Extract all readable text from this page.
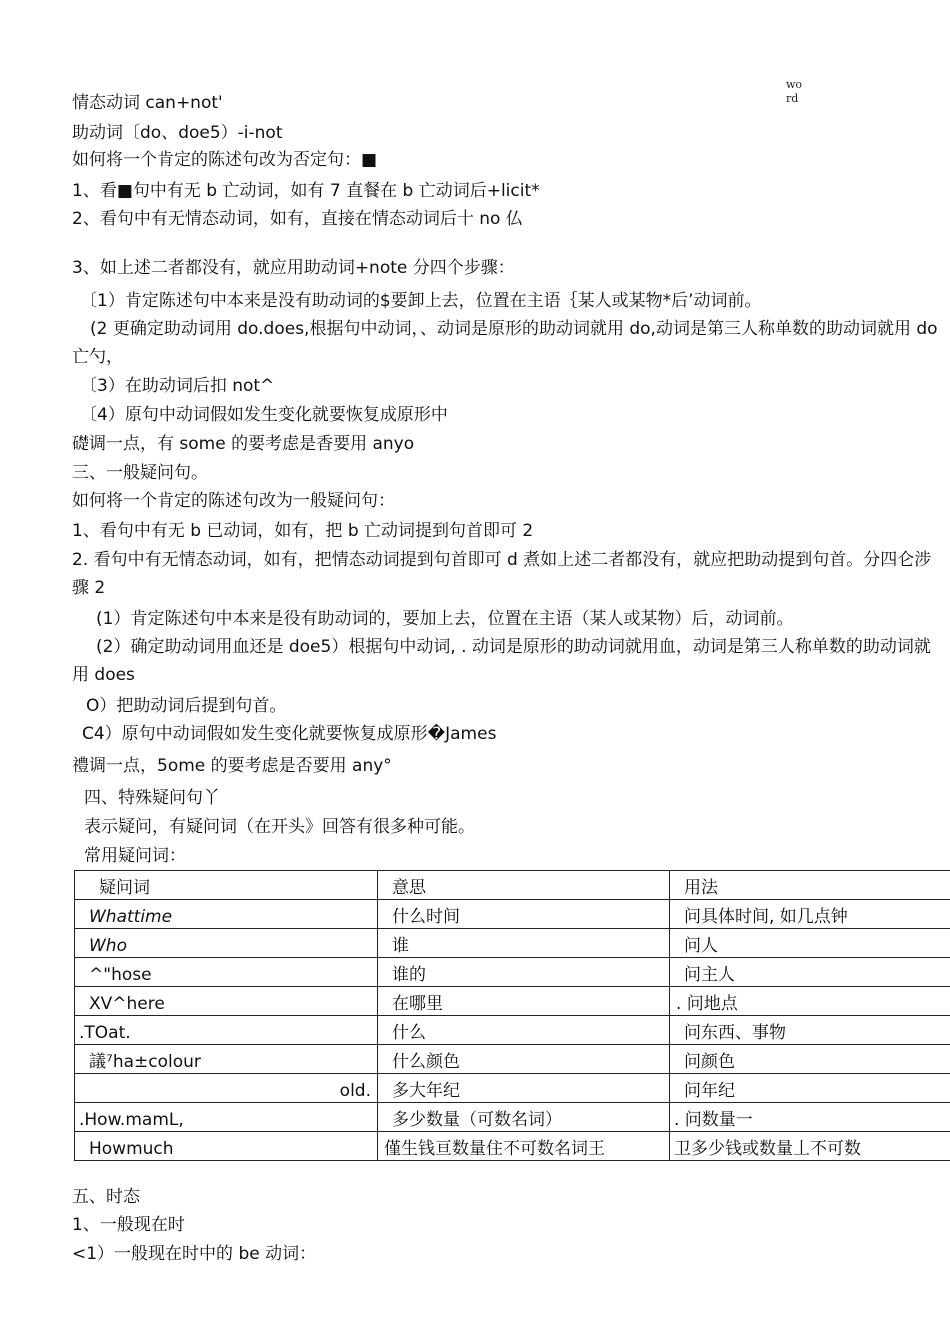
wo rd
情态动词 can+not'
助动词〔do、doe5）-i-not
如何将一个肯定的陈述句改为否定句：■
1、看■句中有无 b 亡动词，如有 7 直餐在 b 亡动词后+licit*
2、看句中有无情态动词，如有，直接在情态动词后十 no 仏
3、如上述二者都没有，就应用助动词+note 分四个步骤：
〔1）肯定陈述句中本来是没有助动词的$要卸上去，位置在主语｛某人或某物*后’动词前。
(2 更确定助动词用 do.does,根据句中动词，、动词是原形的助动词就用 do,动词是第三人称单数的助动词就用 do 亡勺，
〔3）在助动词后扣 not^
〔4）原句中动词假如发生变化就要恢复成原形中
礎调一点，有 some 的要考虑是香要用 anyo
三、一般疑问句。
如何将一个肯定的陈述句改为一般疑问句：
1、看句中有无 b 已动词，如有，把 b 亡动词提到句首即可 2
2. 看句中有无情态动词，如有，把情态动词提到句首即可 d 煮如上述二者都没有，就应把助动提到句首。分四仑涉骤 2
(1）肯定陈述句中本来是役有助动词的，要加上去，位置在主语（某人或某物）后，动词前。
(2）确定助动词用血还是 doe5）根据句中动词, . 动词是原形的助动词就用血，动词是第三人称单数的助动词就用 does
O）把助动词后提到句首。
C4）原句中动词假如发生变化就要恢复成原形�James
禮调一点，5ome 的要考虑是否要用 any°
四、特殊疑问句丫
表示疑问，有疑问词（在开头》回答有很多种可能。
常用疑问词：
疑问词	意思	用法
Whattime	什么时间	问具体时间, 如几点钟
Who	谁	问人
^"hose	谁的	问主人
XV^here	在哪里	. 问地点
.TOat.	什么	问东西、事物
議⁷ha±colour	什么颜色	问颜色
old.	多大年纪	问年纪
.How.mamL,	多少数量（可数名词）	. 问数量一
Howmuch	僅生钱亘数量住不可数名词王	卫多少钱或数量丄不可数
五、时态
1、一般现在时
<1）一般现在时中的 be 动词：
